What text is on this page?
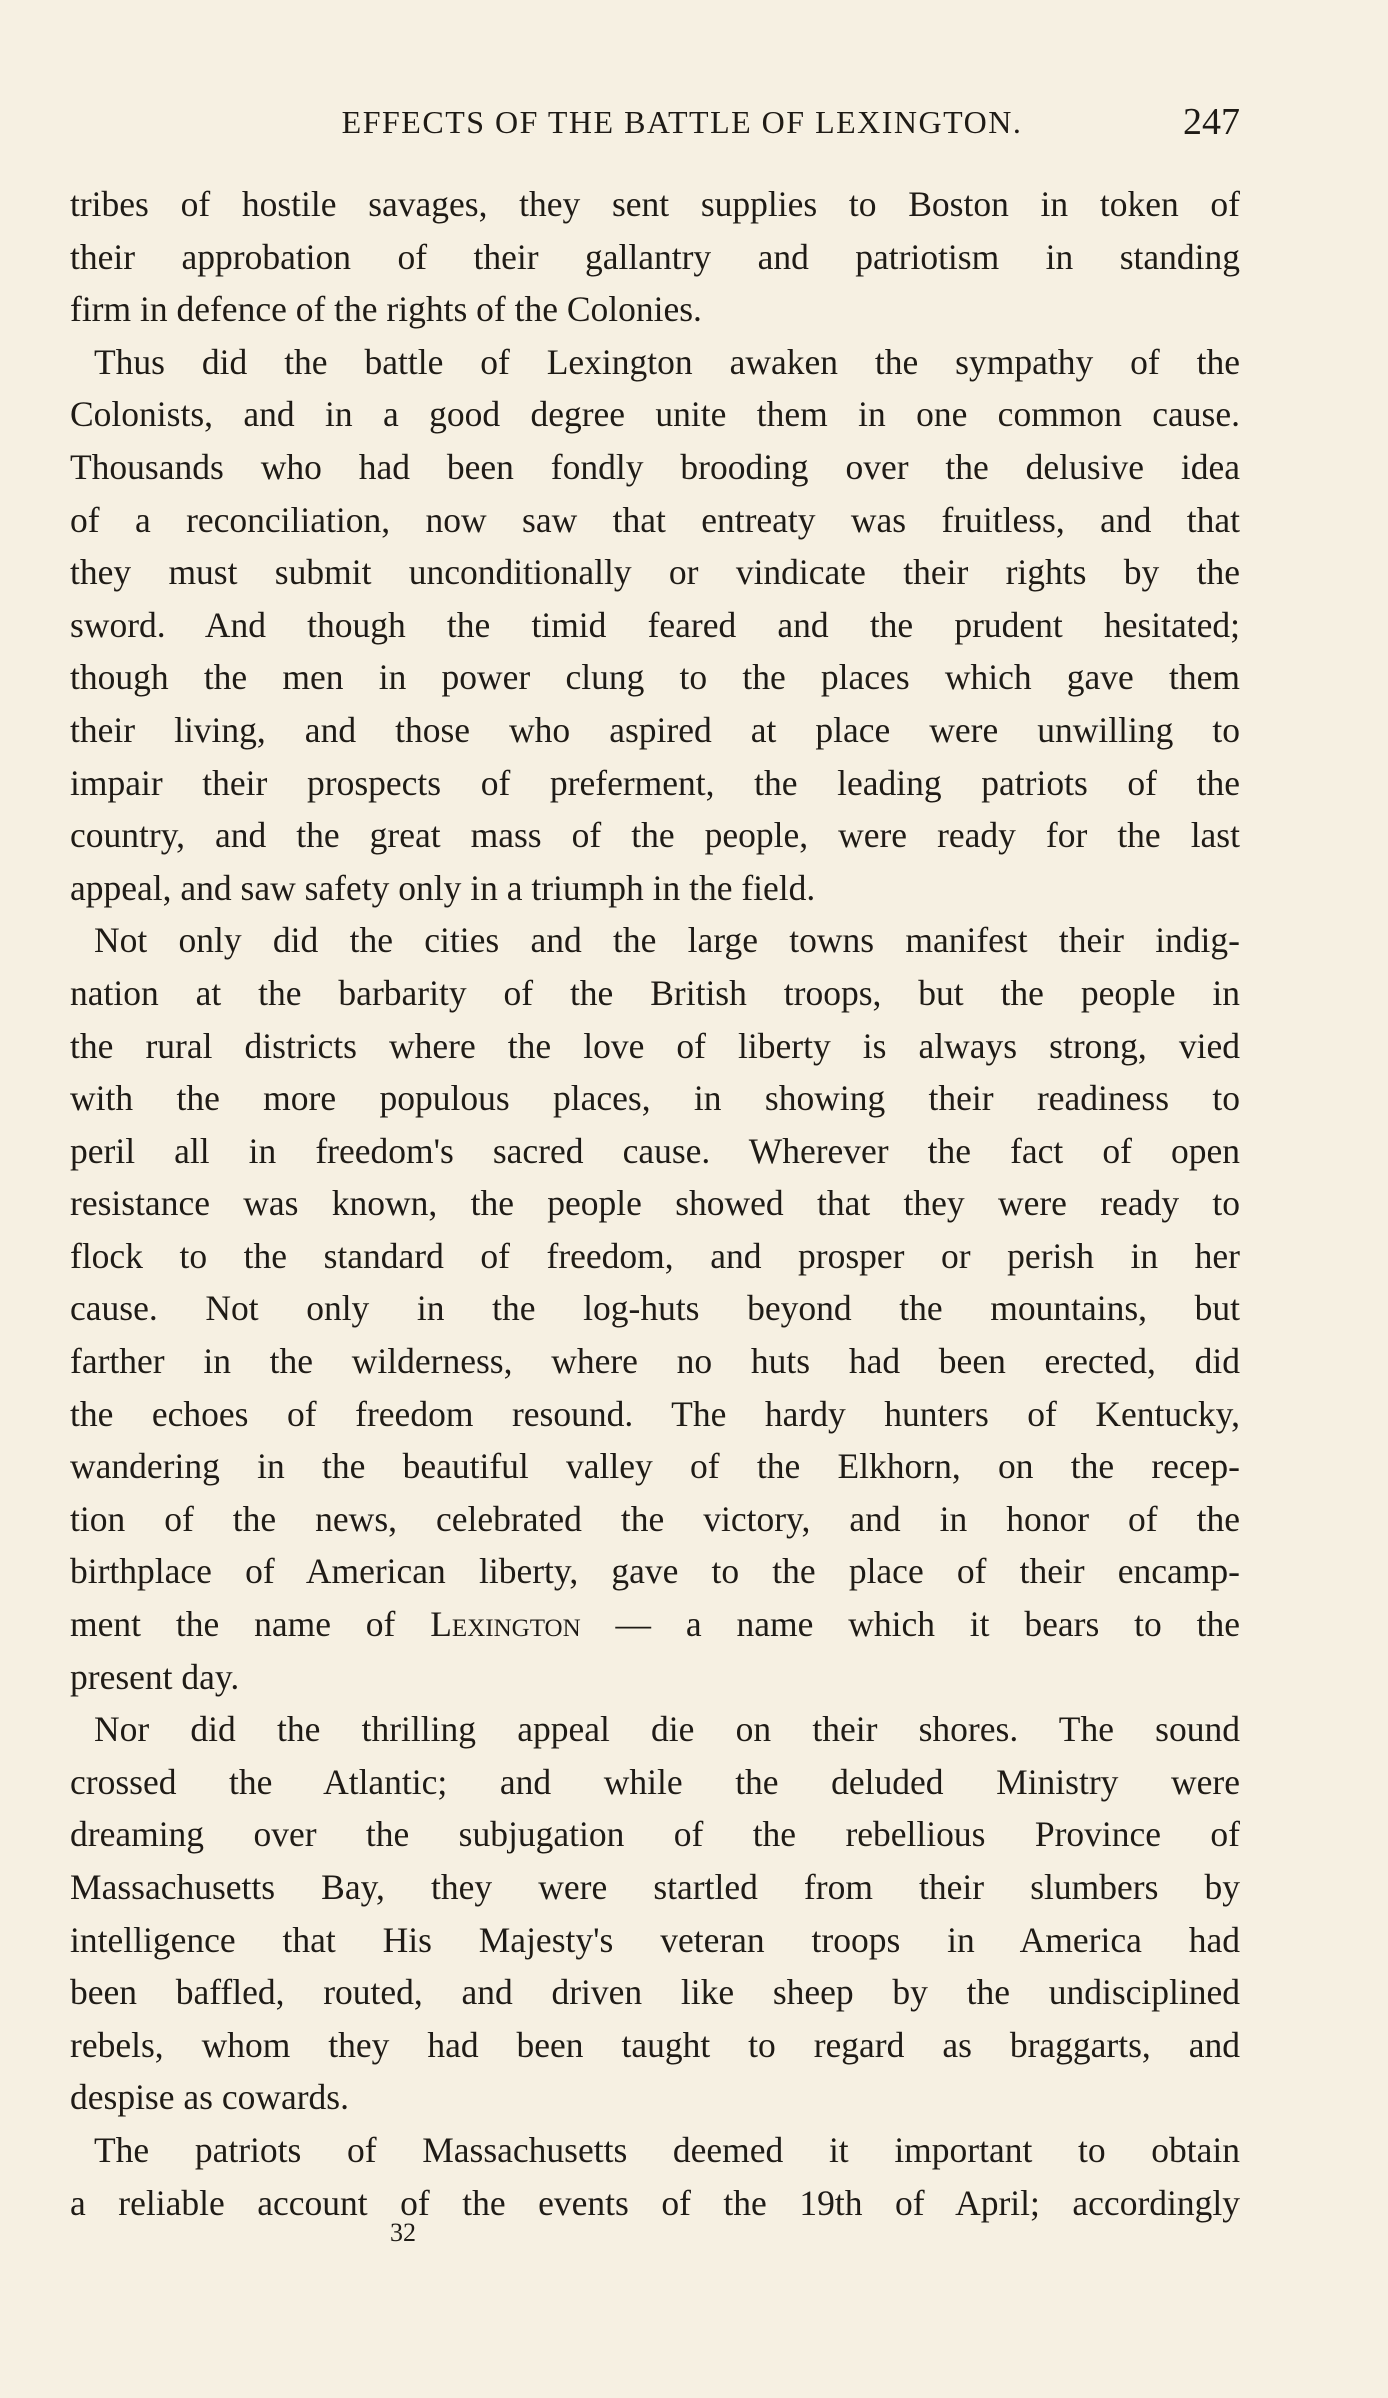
EFFECTS OF THE BATTLE OF LEXINGTON.	247
tribes of hostile savages, they sent supplies to Boston in token of
their approbation of their gallantry and patriotism in standing
firm in defence of the rights of the Colonies.
Thus did the battle of Lexington awaken the sympathy of the
Colonists, and in a good degree unite them in one common cause.
Thousands who had been fondly brooding over the delusive idea
of a reconciliation, now saw that entreaty was fruitless, and that
they must submit unconditionally or vindicate their rights by the
sword. And though the timid feared and the prudent hesitated;
though the men in power clung to the places which gave them
their living, and those who aspired at place were unwilling to
impair their prospects of preferment, the leading patriots of the
country, and the great mass of the people, were ready for the last
appeal, and saw safety only in a triumph in the field.
Not only did the cities and the large towns manifest their indig-
nation at the barbarity of the British troops, but the people in
the rural districts where the love of liberty is always strong, vied
with the more populous places, in showing their readiness to
peril all in freedom's sacred cause. Wherever the fact of open
resistance was known, the people showed that they were ready to
flock to the standard of freedom, and prosper or perish in her
cause. Not only in the log-huts beyond the mountains, but
farther in the wilderness, where no huts had been erected, did
the echoes of freedom resound. The hardy hunters of Kentucky,
wandering in the beautiful valley of the Elkhorn, on the recep-
tion of the news, celebrated the victory, and in honor of the
birthplace of American liberty, gave to the place of their encamp-
ment the name of Lexington — a name which it bears to the
present day.
Nor did the thrilling appeal die on their shores. The sound
crossed the Atlantic; and while the deluded Ministry were
dreaming over the subjugation of the rebellious Province of
Massachusetts Bay, they were startled from their slumbers by
intelligence that His Majesty's veteran troops in America had
been baffled, routed, and driven like sheep by the undisciplined
rebels, whom they had been taught to regard as braggarts, and
despise as cowards.
The patriots of Massachusetts deemed it important to obtain
a reliable account of the events of the 19th of April; accordingly
32
